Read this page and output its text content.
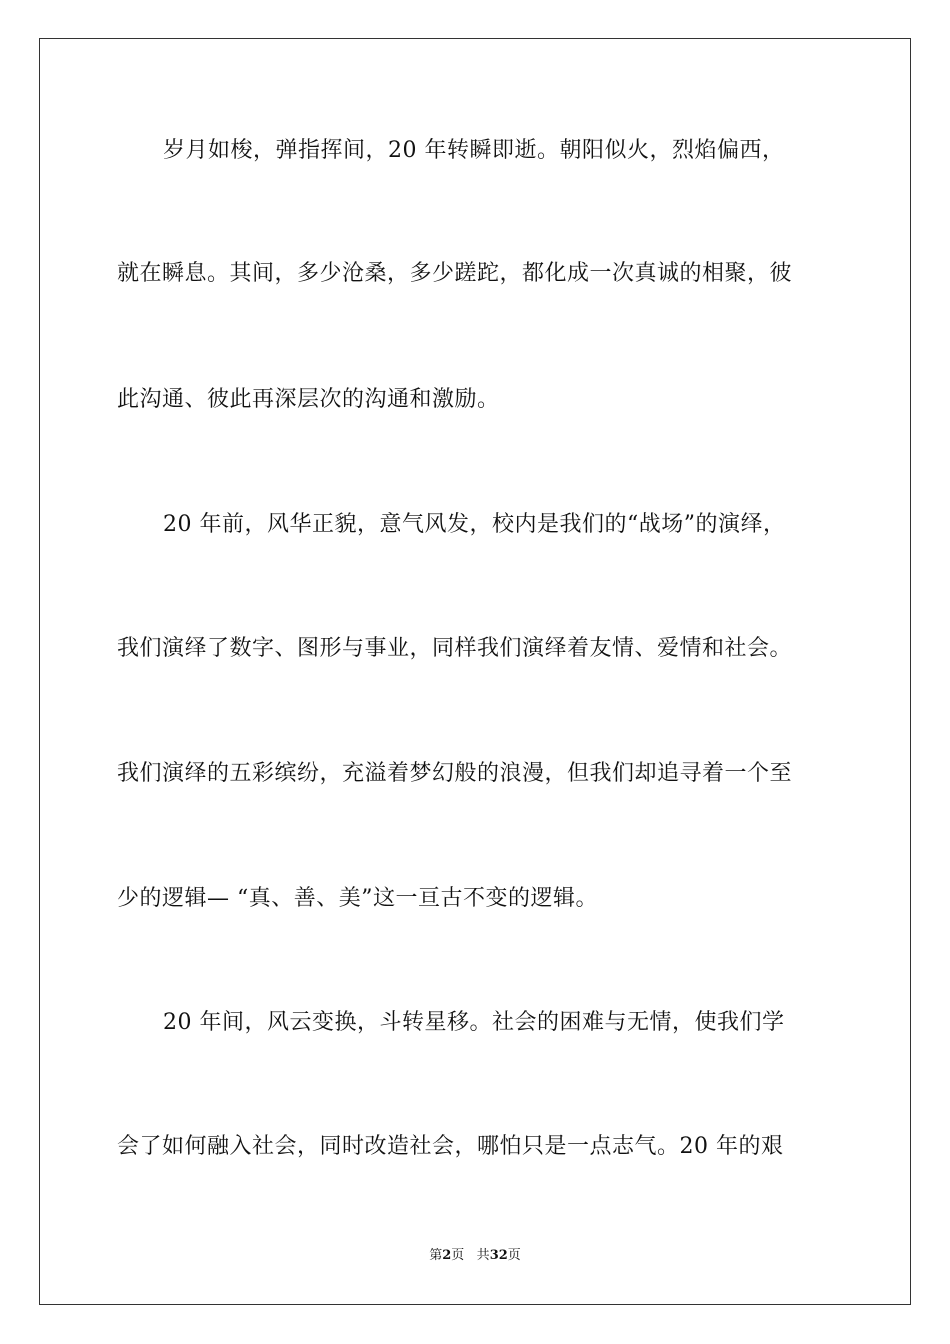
岁月如梭，弹指挥间，20 年转瞬即逝。朝阳似火，烈焰偏西，
就在瞬息。其间，多少沧桑，多少蹉跎，都化成一次真诚的相聚，彼
此沟通、彼此再深层次的沟通和激励。
20 年前，风华正貌，意气风发，校内是我们的“战场”的演绎，
我们演绎了数字、图形与事业，同样我们演绎着友情、爱情和社会。
我们演绎的五彩缤纷，充溢着梦幻般的浪漫，但我们却追寻着一个至
少的逻辑— “真、善、美”这一亘古不变的逻辑。
20 年间，风云变换，斗转星移。社会的困难与无情，使我们学
会了如何融入社会，同时改造社会，哪怕只是一点志气。20 年的艰
第2页 共32页
